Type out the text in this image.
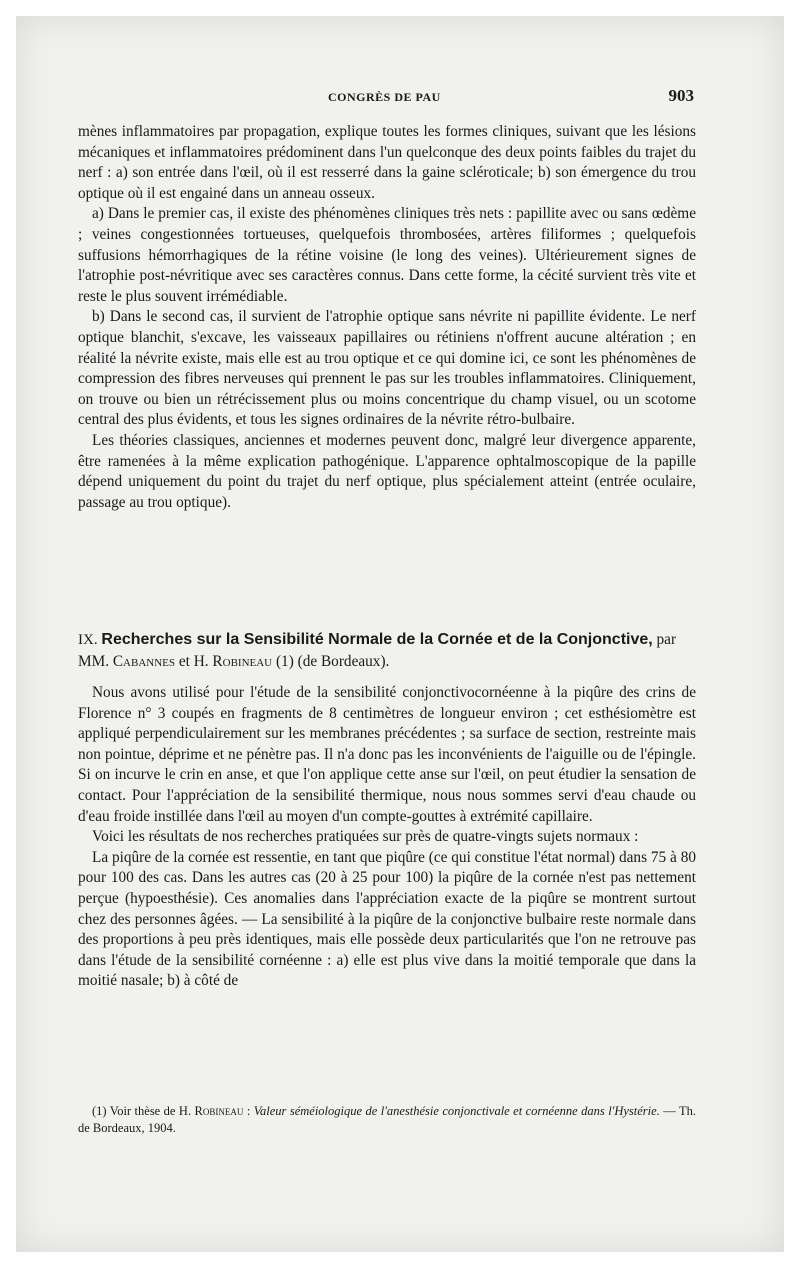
CONGRÈS DE PAU	903

mènes inflammatoires par propagation, explique toutes les formes cliniques, suivant que les lésions mécaniques et inflammatoires prédominent dans l'un quelconque des deux points faibles du trajet du nerf : a) son entrée dans l'œil, où il est resserré dans la gaine scléroticale; b) son émergence du trou optique où il est engainé dans un anneau osseux.

a) Dans le premier cas, il existe des phénomènes cliniques très nets : papillite avec ou sans œdème ; veines congestionnées tortueuses, quelquefois thrombosées, artères filiformes ; quelquefois suffusions hémorrhagiques de la rétine voisine (le long des veines). Ultérieurement signes de l'atrophie post-névritique avec ses caractères connus. Dans cette forme, la cécité survient très vite et reste le plus souvent irrémédiable.

b) Dans le second cas, il survient de l'atrophie optique sans névrite ni papillite évidente. Le nerf optique blanchit, s'excave, les vaisseaux papillaires ou rétiniens n'offrent aucune altération ; en réalité la névrite existe, mais elle est au trou optique et ce qui domine ici, ce sont les phénomènes de compression des fibres nerveuses qui prennent le pas sur les troubles inflammatoires. Cliniquement, on trouve ou bien un rétrécissement plus ou moins concentrique du champ visuel, ou un scotome central des plus évidents, et tous les signes ordinaires de la névrite rétro-bulbaire.

Les théories classiques, anciennes et modernes peuvent donc, malgré leur divergence apparente, être ramenées à la même explication pathogénique. L'apparence ophtalmoscopique de la papille dépend uniquement du point du trajet du nerf optique, plus spécialement atteint (entrée oculaire, passage au trou optique).

IX. Recherches sur la Sensibilité Normale de la Cornée et de la Conjonctive, par MM. Cabannes et H. Robineau (1) (de Bordeaux).

Nous avons utilisé pour l'étude de la sensibilité conjonctivocornéenne à la piqûre des crins de Florence n° 3 coupés en fragments de 8 centimètres de longueur environ ; cet esthésiomètre est appliqué perpendiculairement sur les membranes précédentes ; sa surface de section, restreinte mais non pointue, déprime et ne pénètre pas. Il n'a donc pas les inconvénients de l'aiguille ou de l'épingle. Si on incurve le crin en anse, et que l'on applique cette anse sur l'œil, on peut étudier la sensation de contact. Pour l'appréciation de la sensibilité thermique, nous nous sommes servi d'eau chaude ou d'eau froide instillée dans l'œil au moyen d'un compte-gouttes à extrémité capillaire.

Voici les résultats de nos recherches pratiquées sur près de quatre-vingts sujets normaux :

La piqûre de la cornée est ressentie, en tant que piqûre (ce qui constitue l'état normal) dans 75 à 80 pour 100 des cas. Dans les autres cas (20 à 25 pour 100) la piqûre de la cornée n'est pas nettement perçue (hypoesthésie). Ces anomalies dans l'appréciation exacte de la piqûre se montrent surtout chez des personnes âgées. — La sensibilité à la piqûre de la conjonctive bulbaire reste normale dans des proportions à peu près identiques, mais elle possède deux particularités que l'on ne retrouve pas dans l'étude de la sensibilité cornéenne : a) elle est plus vive dans la moitié temporale que dans la moitié nasale; b) à côté de

(1) Voir thèse de H. Robineau : Valeur séméiologique de l'anesthésie conjonctivale et cornéenne dans l'Hystérie. — Th. de Bordeaux, 1904.
